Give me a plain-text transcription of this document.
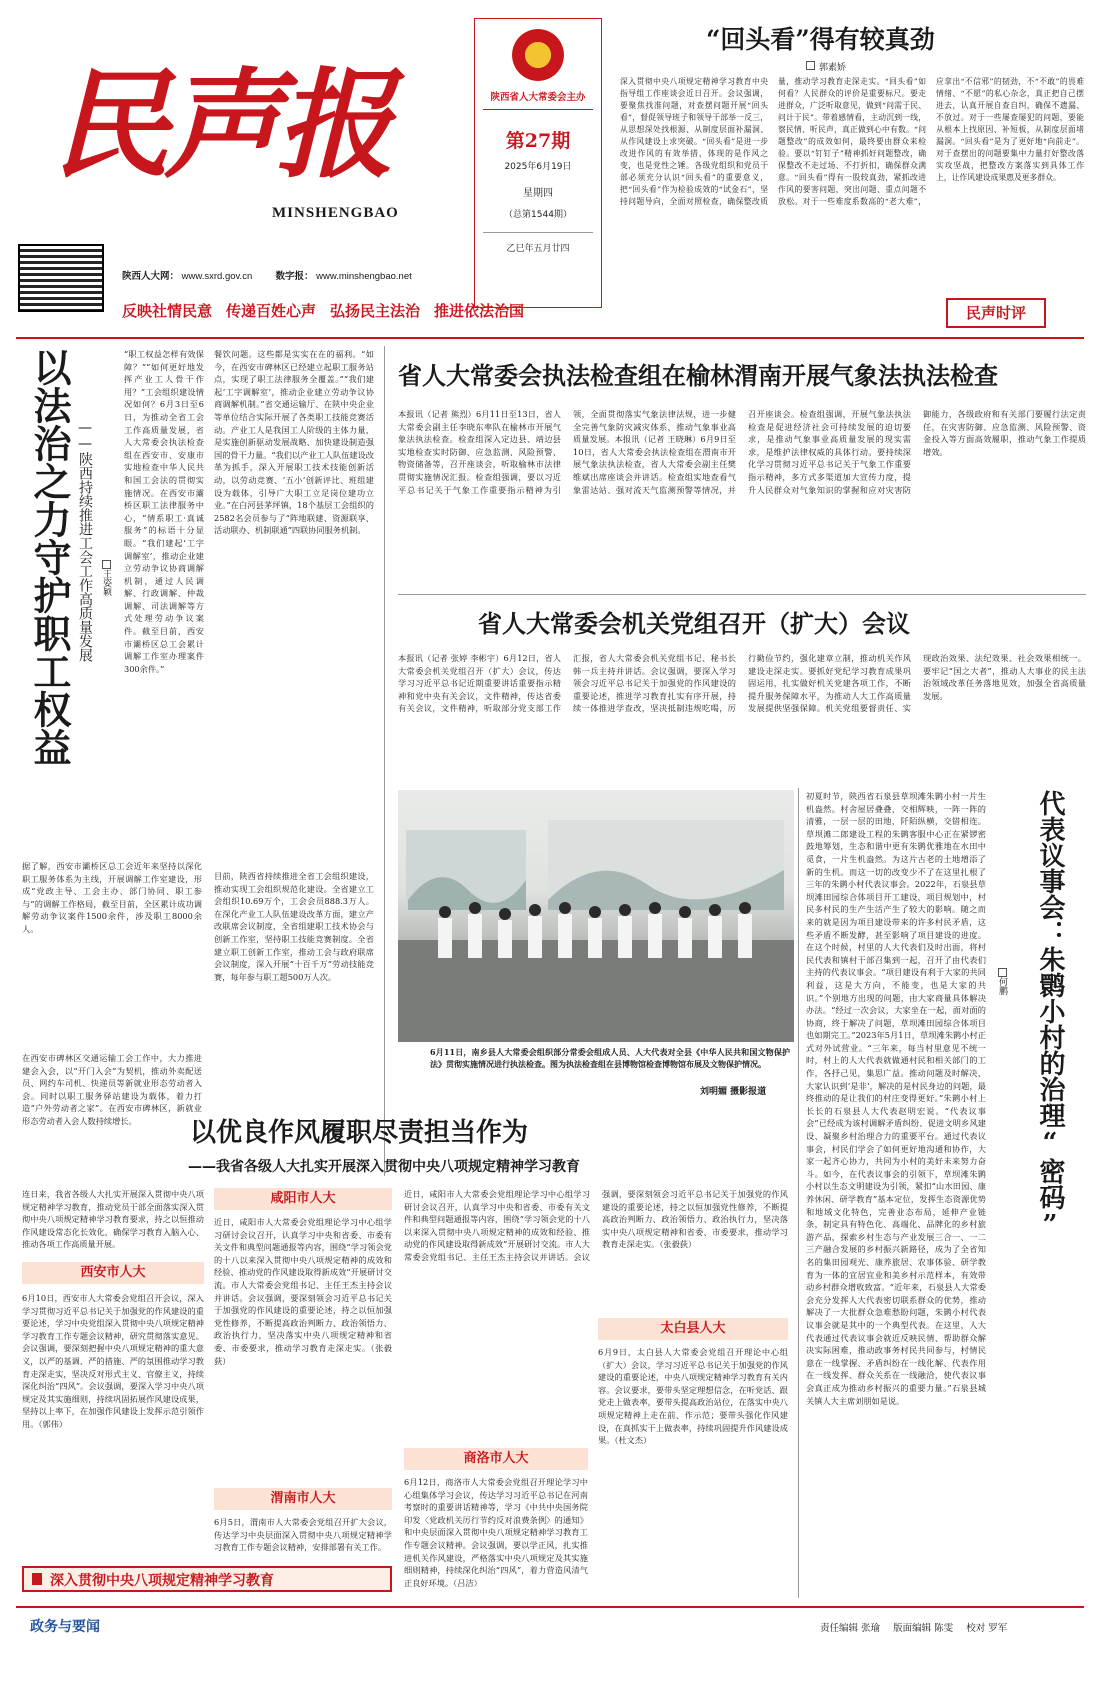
民声报
MINSHENGBAO
陕西人大网： www.sxrd.gov.cn 数字报： www.minshengbao.net
反映社情民意 传递百姓心声 弘扬民主法治 推进依法治国
陕西省人大常委会主办
第27期
2025年6月19日
星期四
（总第1544期）
乙巳年五月廿四
“回头看”得有较真劲
郭素娇
深入贯彻中央八项规定精神学习教育中央指导组工作座谈会近日召开。会议强调，要聚焦找准问题，对查摆问题开展“回头看”，督促领导班子和领导干部举一反三，从思想深处找根源、从制度层面补漏洞、从作风建设上求突破。“回头看”是进一步改进作风的有效举措，体现的是作风之变，也是党性之锤。各级党组织和党员干部必须充分认识“回头看”的重要意义，把“回头看”作为检验成效的“试金石”，坚持问题导向，全面对照检查，确保整改质量，推动学习教育走深走实。“回头看”如何看？人民群众的评价是重要标尺。要走进群众，广泛听取意见，做到“问需于民、问计于民”。带着感情看，主动沉到一线，察民情、听民声，真正做到心中有数。“问题整改”的成效如何，最终要由群众来检验。要以“钉钉子”精神抓好问题整改，确保整改不走过场、不打折扣，确保群众满意。“回头看”得有一股较真劲，紧抓改进作风的要害问题，突出问题、重点问题不放松。对于一些难度系数高的“老大难”，应拿出“不信邪”的韧劲，不“不敢”的畏难情绪、“不愿”的私心杂念，真正把自己摆进去，认真开展自查自纠，确保不遗漏、不放过。对于一些屡查屡犯的问题，要能从根本上找原因、补短板，从制度层面堵漏洞。“回头看”是为了更好地“向前走”。对于查摆出的问题要集中力量打好整改落实攻坚战，把整改方案落实到具体工作上，让作风建设成果惠及更多群众。
民声时评
以法治之力守护职工权益 ——陕西持续推进工会工作高质量发展 王姿颖
“职工权益怎样有效保障？”“如何更好地发挥产业工人骨干作用？”工会组织建设情况如何？6月3日至6日，为推动全省工会工作高质量发展，省人大常委会执法检查组在西安市、安康市实地检查中华人民共和国工会法的贯彻实施情况。在西安市灞桥区职工法律服务中心，“情系职工·真诚服务”的标语十分显眼。“我们建起‘工字调解室’，推动企业建立劳动争议协商调解机制，通过人民调解、行政调解、仲裁调解、司法调解等方式处理劳动争议案件。截至目前，西安市灞桥区总工会累计调解工作室办理案件300余件。”
餐饮问题。这些都是实实在在的福利。“如今，在西安市碑林区已经建立起职工服务站点，实现了职工法律服务全覆盖。”“我们建起‘工字调解室’，推动企业建立劳动争议协商调解机制。”省交通运输厅、在陕中央企业等单位结合实际开展了各类职工技能竞赛活动。产业工人是我国工人阶级的主体力量，是实施创新驱动发展战略、加快建设制造强国的骨干力量。“我们以产业工人队伍建设改革为抓手，深入开展职工技术技能创新活动，以劳动竞赛、‘五小’创新评比、班组建设为载体，引导广大职工立足岗位建功立业。”在白河县茅坪镇，18个基层工会组织的2582名会员参与了“阵地联建、资源联享、活动联办、机制联通”四联协同服务机制。
据了解，西安市灞桥区总工会近年来坚持以深化职工服务体系为主线，开展调解工作室建设，形成“党政主导、工会主办、部门协同、职工参与”的调解工作格局，截至目前，全区累计成功调解劳动争议案件1500余件，涉及职工8000余人。
在西安市碑林区交通运输工会工作中，大力推进建会入会，以“开门入会”为契机，推动外卖配送员、网约车司机、快递员等新就业形态劳动者入会。同时以职工服务驿站建设为载体，着力打造“户外劳动者之家”。在西安市碑林区，新就业形态劳动者入会人数持续增长。
目前，陕西省持续推进全省工会组织建设，推动实现工会组织规范化建设。全省建立工会组织10.69万个，工会会员888.3万人。在深化产业工人队伍建设改革方面，建立产改联席会议制度，全省组建职工技术协会与创新工作室，坚持职工技能竞赛制度。全省建立职工创新工作室，推动工会与政府联席会议制度，深入开展“十百千万”劳动技能竞赛，每年参与职工超500万人次。
省人大常委会执法检查组在榆林渭南开展气象法执法检查
本报讯（记者 熊烈）6月11日至13日，省人大常委会副主任李晓东率队在榆林市开展气象法执法检查。检查组深入定边县、靖边县实地检查实时防御、应急监测、风险预警、物资储备等，召开座谈会，听取榆林市法律贯彻实施情况汇报。检查组强调，要以习近平总书记关于气象工作重要指示精神为引领，全面贯彻落实气象法律法规，进一步健全完善气象防灾减灾体系，推动气象事业高质量发展。本报讯（记者 王晓琳）6月9日至10日，省人大常委会执法检查组在渭南市开展气象法执法检查，省人大常委会副主任樊维斌出席座谈会并讲话。检查组实地查看气象雷达站、强对流天气监测预警等情况，并召开座谈会。检查组强调，开展气象法执法检查是促进经济社会可持续发展的迫切要求，是推动气象事业高质量发展的现实需求，是维护法律权威的具体行动。要持续深化学习贯彻习近平总书记关于气象工作重要指示精神，多方式多渠道加大宣传力度，提升人民群众对气象知识的掌握和应对灾害防御能力，各级政府和有关部门要履行法定责任，在灾害防御、应急监测、风险预警、资金投入等方面高效履职，推动气象工作提质增效。
省人大常委会机关党组召开（扩大）会议
本报讯（记者 张婷 李彬宇）6月12日，省人大常委会机关党组召开（扩大）会议，传达学习习近平总书记近期重要讲话重要指示精神和党中央有关会议，文件精神，传达省委有关会议，文件精神，听取部分党支部工作汇报，省人大常委会机关党组书记、秘书长韩一兵主持并讲话。会议强调，要深入学习领会习近平总书记关于加强党的作风建设的重要论述，推进学习教育扎实有序开展，持续一体推进学查改，坚决抵制违规吃喝，厉行勤俭节约，强化建章立制，推动机关作风建设走深走实。要抓好党纪学习教育成果巩固运用，扎实做好机关党建各项工作，不断提升服务保障水平，为推动人大工作高质量发展提供坚强保障。机关党组要督责任、实现政治效果、法纪效果、社会效果相统一。要牢记“国之大者”，推动人大事业的民主法治领域改革任务落地见效，加强全省高质量发展。
6月11日，南乡县人大常委会组织部分常委会组成人员、人大代表对全县《中华人民共和国文物保护法》贯彻实施情况进行执法检查。图为执法检查组在县博物馆检查博物馆布展及文物保护情况。
刘明媚 摄影报道	代表议事会：朱鹮小村的治理“密码”
何鹏
初夏时节，陕西省石泉县草坝滩朱鹮小村一片生机盎然。村舍屋居叠叠，交相辉映，一阵一阵的清雅，一层一层的田地，阡陌纵横，交错相连。草坝滩二郎建设工程的朱鹮客服中心正在紧锣密鼓地筹划，生态和谐中更有朱鹮优雅地在水田中觅食，一片生机盎然。为这片古老的土地增添了新的生机。而这一切的改变少不了在这里扎根了三年的朱鹮小村代表议事会。2022年，石泉县草坝滩田园综合体项目开工建设，项目规划中，村民多村民的生产生活产生了较大的影响。随之而来的就是因为项目建设带来的许多村民矛盾，这些矛盾不断发酵，甚至影响了项目建设的进度。在这个时候，村里的人大代表们及时出面，将村民代表和镇村干部召集到一起，召开了由代表们主持的代表议事会。“项目建设有利于大家的共同利益，这是大方向，不能变，也是大家的共识。”个别地方出现的问题，由大家商量具体解决办法。“经过一次会议，大家坐在一起，面对面的协商，终于解决了问题，草坝滩田园综合体项目也如期完工。”2023年5月1日，草坝滩朱鹮小村正式对外试营业。“三年来，每当村里意见不统一时，村上的人大代表就做通村民和相关部门的工作，各抒己见，集思广益。推动问题及时解决，大家认识到‘是非’，解决的是村民身边的问题，最终推动的是让我们的村庄变得更好。”朱鹮小村上长长的石泉县人大代表赵明宏说。“代表议事会”已经成为该村调解矛盾纠纷、促进文明乡风建设、凝聚乡村治理合力的重要平台。通过代表议事会，村民们学会了如何更好地沟通和协作，大家一起齐心协力，共同为小村的美好未来努力奋斗。如今，在代表议事会的引领下，草坝滩朱鹮小村以生态文明建设为引领，紧扣“山水田园、康养休闲、研学教育”基本定位，发挥生态资源优势和地域文化特色，完善业态布局，延伸产业链条，制定具有特色化、高端化、品牌化的乡村旅游产品，探索乡村生态与产业发展三合一、一二三产融合发展的乡村振兴新路径，成为了全省知名的集田园观光、康养旅居、农事体验、研学教育为一体的宜居宜业和美乡村示范样本，有效带动乡村群众增收致富。“近年来，石泉县人大常委会充分发挥人大代表密切联系群众的优势，推动解决了一大批群众急难愁盼问题，朱鹮小村代表议事会就是其中的一个典型代表。在这里，人大代表通过代表议事会就近反映民情、帮助群众解决实际困难，推动政事务村民共同参与，村情民意在一线掌握、矛盾纠纷在一线化解、代表作用在一线发挥、群众关系在一线融洽，使代表议事会真正成为推动乡村振兴的重要力量。”石泉县城关镇人大主席刘朋如是说。
以优良作风履职尽责担当作为
——我省各级人大扎实开展深入贯彻中央八项规定精神学习教育
连日来，我省各级人大扎实开展深入贯彻中央八项规定精神学习教育，推动党员干部全面落实深入贯彻中央八项规定精神学习教育要求，持之以恒推动作风建设常态化长效化，确保学习教育入脑入心、推动各项工作高质量开展。
西安市人大
6月10日，西安市人大常委会党组召开会议，深入学习贯彻习近平总书记关于加强党的作风建设的重要论述，学习中央党组深入贯彻中央八项规定精神学习教育工作专题会议精神，研究贯彻落实意见。会议强调，要深刻把握中央八项规定精神的重大意义，以严的基调、严的措施、严的氛围推动学习教育走深走实，坚决反对形式主义、官僚主义，持续深化纠治“四风”。会议强调，要深入学习中央八项规定及其实施细则，持续巩固拓展作风建设成果，坚持以上率下，在加强作风建设上发挥示范引领作用。（郭伟）
咸阳市人大
近日，咸阳市人大常委会党组理论学习中心组学习研讨会议召开，认真学习中央和省委、市委有关文件和典型问题通报等内容，围绕“学习领会党的十八以来深入贯彻中央八项规定精神的成效和经验、推动党的作风建设取得新成效”开展研讨交流。市人大常委会党组书记、主任王杰主持会议并讲话。会议强调，要深刻领会习近平总书记关于加强党的作风建设的重要论述，持之以恒加强党性修养，不断提高政治判断力、政治领悟力、政治执行力，坚决落实中央八项规定精神和省委、市委要求，推动学习教育走深走实。（张毅荻）
渭南市人大
6月5日，渭南市人大常委会党组召开扩大会议，传达学习中央层面深入贯彻中央八项规定精神学习教育工作专题会议精神，安排部署有关工作。
太白县人大
6月9日，太白县人大常委会党组召开理论中心组（扩大）会议，学习习近平总书记关于加强党的作风建设的重要论述，中央八项规定精神学习教育有关内容。会议要求，要带头坚定理想信念，在听党话、跟党走上做表率，要带头提高政治站位，在落实中央八项规定精神上走在前、作示范；要带头强化作风建设，在真抓实干上做表率，持续巩固提升作风建设成果。（杜文杰）
商洛市人大
6月12日，商洛市人大常委会党组召开理论学习中心组集体学习会议，传达学习习近平总书记在河南考察时的重要讲话精神等，学习《中共中央国务院印发〈党政机关厉行节约反对浪费条例〉的通知》和中央层面深入贯彻中央八项规定精神学习教育工作专题会议精神。会议强调，要以学正风，扎实推进机关作风建设，严格落实中央八项规定及其实施细则精神，持续深化纠治“四风”，着力营造风清气正良好环境。（吕洁）
近日，咸阳市人大常委会党组理论学习中心组学习研讨会议召开，认真学习中央和省委、市委有关文件和典型问题通报等内容，围绕“学习领会党的十八以来深入贯彻中央八项规定精神的成效和经验、推动党的作风建设取得新成效”开展研讨交流。市人大常委会党组书记、主任王杰主持会议并讲话。会议强调，要深刻领会习近平总书记关于加强党的作风建设的重要论述，持之以恒加强党性修养，不断提高政治判断力、政治领悟力、政治执行力，坚决落实中央八项规定精神和省委、市委要求，推动学习教育走深走实。（张毅荻）
深入贯彻中央八项规定精神学习教育
政务与要闻	责任编辑 张瑜 版面编辑 陈雯 校对 罗军
